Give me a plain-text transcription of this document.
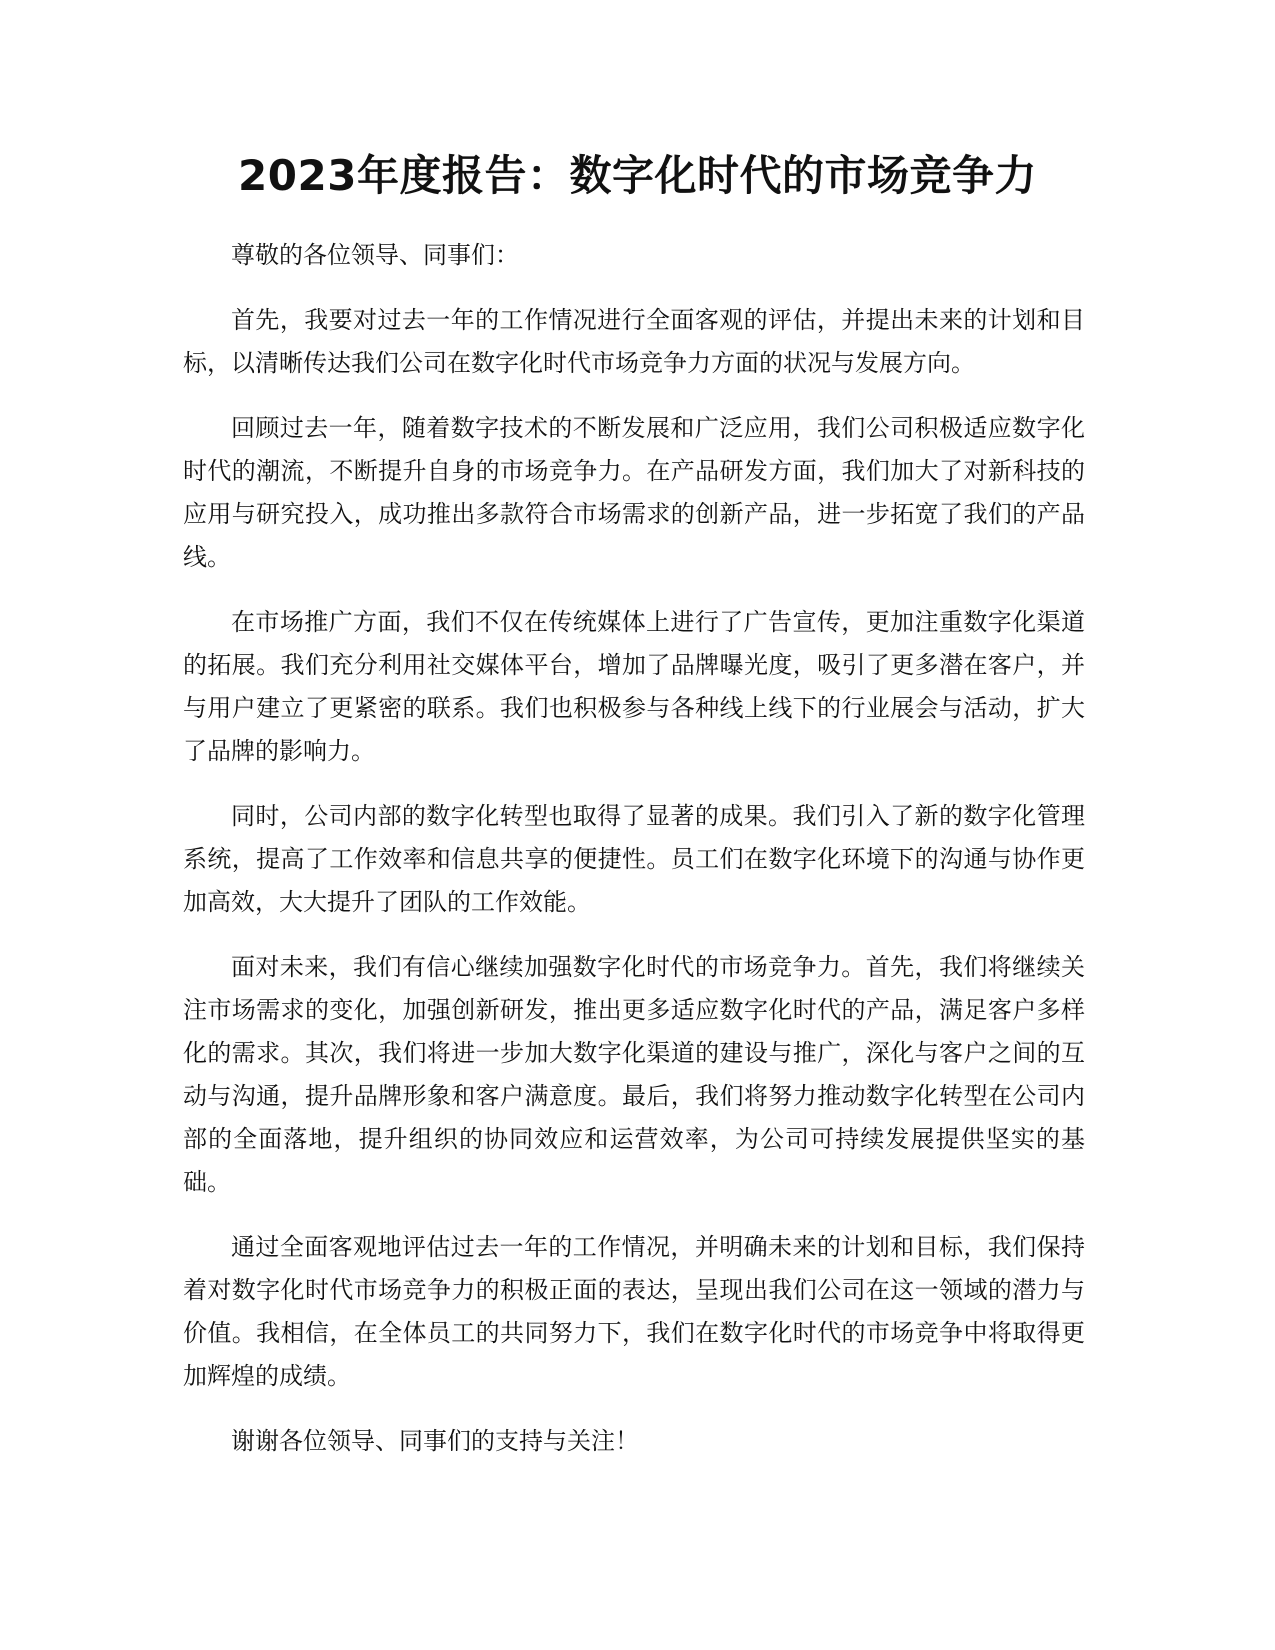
2023年度报告：数字化时代的市场竞争力

尊敬的各位领导、同事们：

首先，我要对过去一年的工作情况进行全面客观的评估，并提出未来的计划和目标，以清晰传达我们公司在数字化时代市场竞争力方面的状况与发展方向。

回顾过去一年，随着数字技术的不断发展和广泛应用，我们公司积极适应数字化时代的潮流，不断提升自身的市场竞争力。在产品研发方面，我们加大了对新科技的应用与研究投入，成功推出多款符合市场需求的创新产品，进一步拓宽了我们的产品线。

在市场推广方面，我们不仅在传统媒体上进行了广告宣传，更加注重数字化渠道的拓展。我们充分利用社交媒体平台，增加了品牌曝光度，吸引了更多潜在客户，并与用户建立了更紧密的联系。我们也积极参与各种线上线下的行业展会与活动，扩大了品牌的影响力。

同时，公司内部的数字化转型也取得了显著的成果。我们引入了新的数字化管理系统，提高了工作效率和信息共享的便捷性。员工们在数字化环境下的沟通与协作更加高效，大大提升了团队的工作效能。

面对未来，我们有信心继续加强数字化时代的市场竞争力。首先，我们将继续关注市场需求的变化，加强创新研发，推出更多适应数字化时代的产品，满足客户多样化的需求。其次，我们将进一步加大数字化渠道的建设与推广，深化与客户之间的互动与沟通，提升品牌形象和客户满意度。最后，我们将努力推动数字化转型在公司内部的全面落地，提升组织的协同效应和运营效率，为公司可持续发展提供坚实的基础。

通过全面客观地评估过去一年的工作情况，并明确未来的计划和目标，我们保持着对数字化时代市场竞争力的积极正面的表达，呈现出我们公司在这一领域的潜力与价值。我相信，在全体员工的共同努力下，我们在数字化时代的市场竞争中将取得更加辉煌的成绩。

谢谢各位领导、同事们的支持与关注！
